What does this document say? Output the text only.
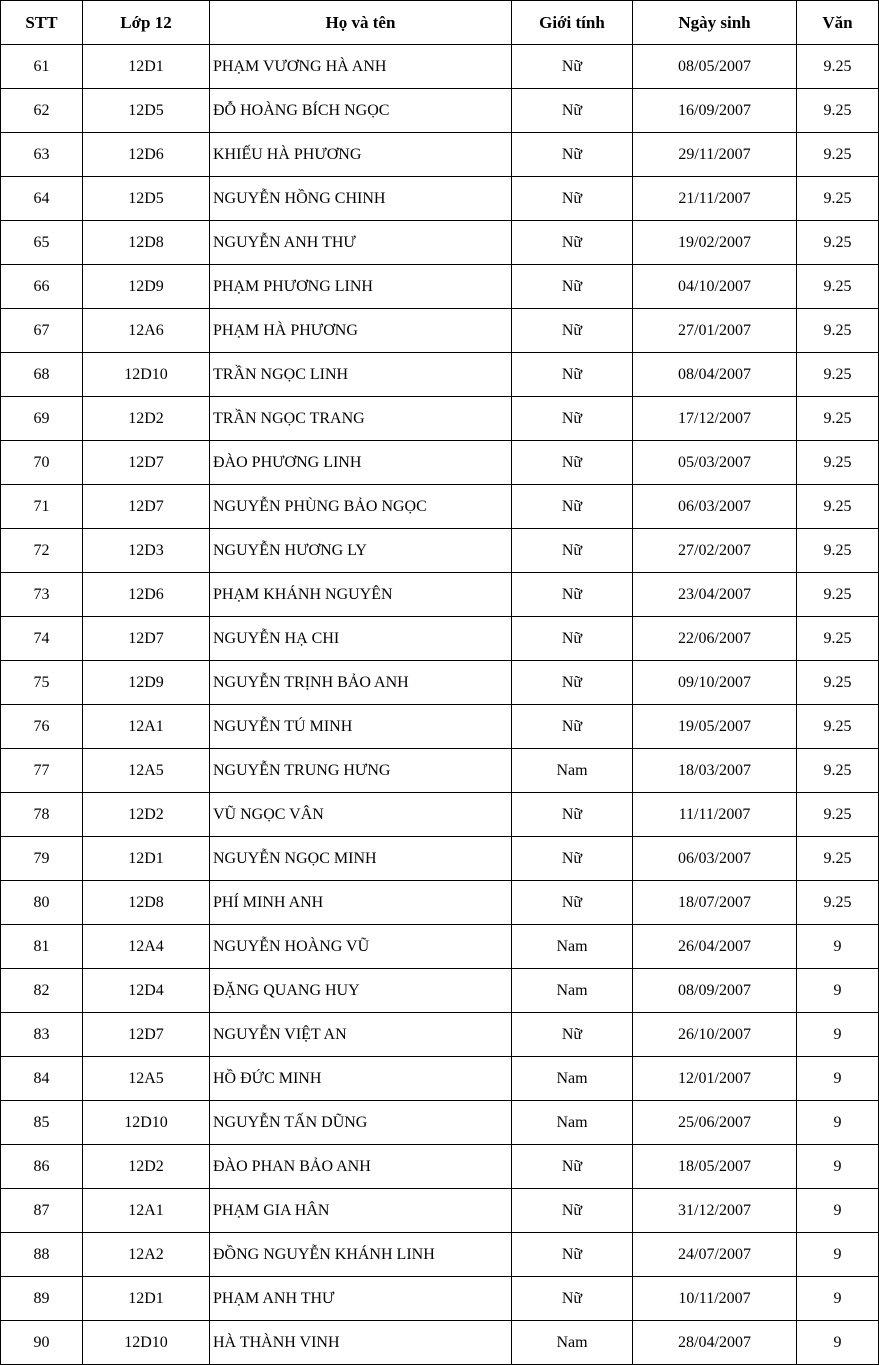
STT	Lớp 12	Họ và tên	Giới tính	Ngày sinh	Văn
61	12D1	PHẠM VƯƠNG HÀ ANH	Nữ	08/05/2007	9.25
62	12D5	ĐỖ HOÀNG BÍCH NGỌC	Nữ	16/09/2007	9.25
63	12D6	KHIẾU HÀ PHƯƠNG	Nữ	29/11/2007	9.25
64	12D5	NGUYỄN HỒNG CHINH	Nữ	21/11/2007	9.25
65	12D8	NGUYỄN ANH THƯ	Nữ	19/02/2007	9.25
66	12D9	PHẠM PHƯƠNG LINH	Nữ	04/10/2007	9.25
67	12A6	PHẠM HÀ PHƯƠNG	Nữ	27/01/2007	9.25
68	12D10	TRẦN NGỌC LINH	Nữ	08/04/2007	9.25
69	12D2	TRẦN NGỌC TRANG	Nữ	17/12/2007	9.25
70	12D7	ĐÀO PHƯƠNG LINH	Nữ	05/03/2007	9.25
71	12D7	NGUYỄN PHÙNG BẢO NGỌC	Nữ	06/03/2007	9.25
72	12D3	NGUYỄN HƯƠNG LY	Nữ	27/02/2007	9.25
73	12D6	PHẠM KHÁNH NGUYÊN	Nữ	23/04/2007	9.25
74	12D7	NGUYỄN HẠ CHI	Nữ	22/06/2007	9.25
75	12D9	NGUYỄN TRỊNH BẢO ANH	Nữ	09/10/2007	9.25
76	12A1	NGUYỄN TÚ MINH	Nữ	19/05/2007	9.25
77	12A5	NGUYỄN TRUNG HƯNG	Nam	18/03/2007	9.25
78	12D2	VŨ NGỌC VÂN	Nữ	11/11/2007	9.25
79	12D1	NGUYỄN NGỌC MINH	Nữ	06/03/2007	9.25
80	12D8	PHÍ MINH ANH	Nữ	18/07/2007	9.25
81	12A4	NGUYỄN HOÀNG VŨ	Nam	26/04/2007	9
82	12D4	ĐẶNG QUANG HUY	Nam	08/09/2007	9
83	12D7	NGUYỄN VIỆT AN	Nữ	26/10/2007	9
84	12A5	HỒ ĐỨC MINH	Nam	12/01/2007	9
85	12D10	NGUYỄN TẤN DŨNG	Nam	25/06/2007	9
86	12D2	ĐÀO PHAN BẢO ANH	Nữ	18/05/2007	9
87	12A1	PHẠM GIA HÂN	Nữ	31/12/2007	9
88	12A2	ĐỒNG NGUYỄN KHÁNH LINH	Nữ	24/07/2007	9
89	12D1	PHẠM ANH THƯ	Nữ	10/11/2007	9
90	12D10	HÀ THÀNH VINH	Nam	28/04/2007	9
